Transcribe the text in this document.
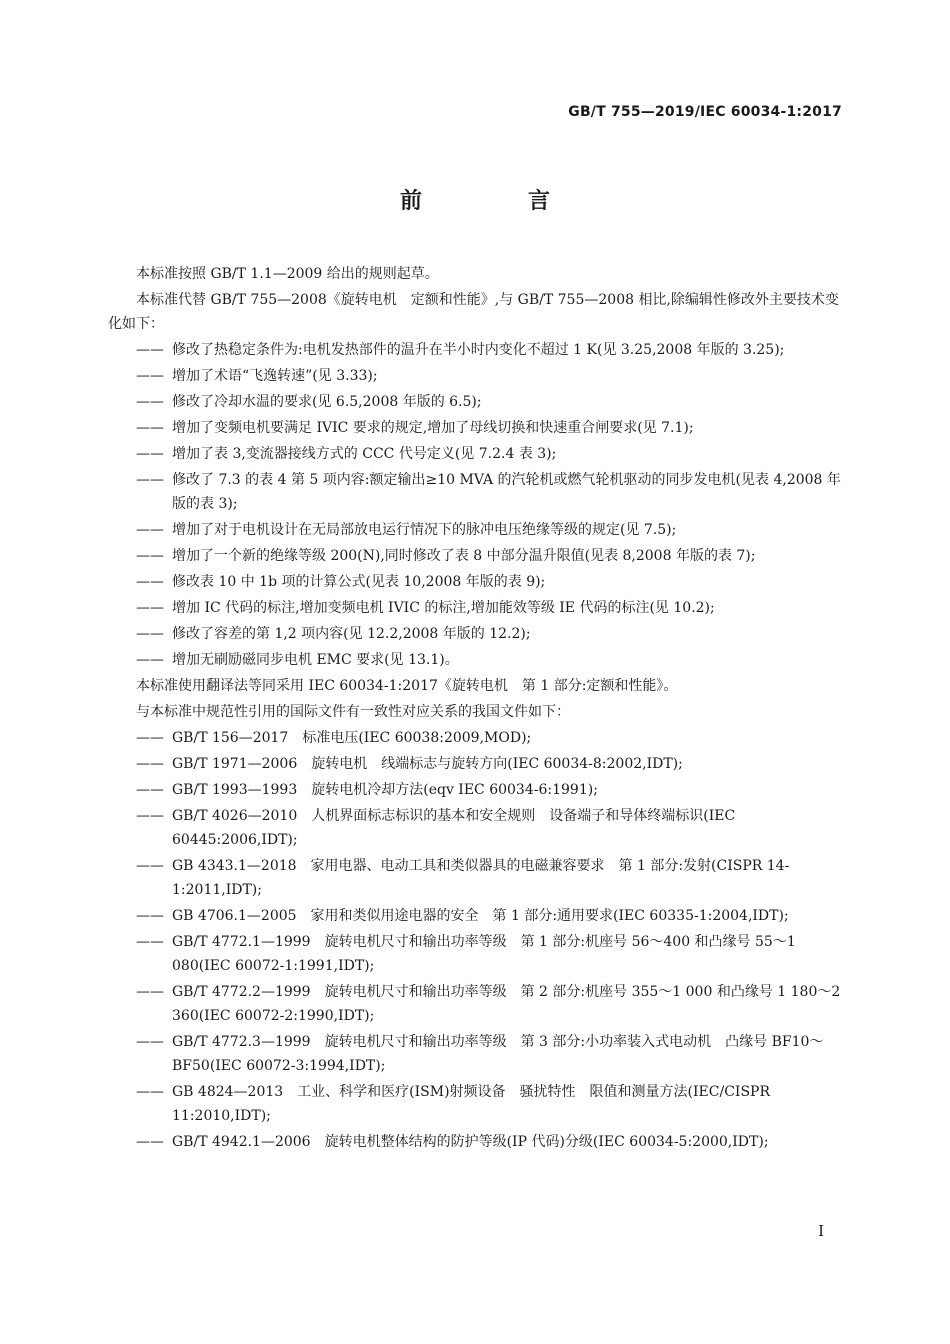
GB/T 755—2019/IEC 60034-1:2017
前　言

本标准按照 GB/T 1.1—2009 给出的规则起草。

本标准代替 GB/T 755—2008《旋转电机　定额和性能》,与 GB/T 755—2008 相比,除编辑性修改外主要技术变化如下：

—— 修改了热稳定条件为:电机发热部件的温升在半小时内变化不超过 1 K(见 3.25,2008 年版的 3.25);
—— 增加了术语“飞逸转速”(见 3.33);
—— 修改了冷却水温的要求(见 6.5,2008 年版的 6.5);
—— 增加了变频电机要满足 IVIC 要求的规定,增加了母线切换和快速重合闸要求(见 7.1);
—— 增加了表 3,变流器接线方式的 CCC 代号定义(见 7.2.4 表 3);
—— 修改了 7.3 的表 4 第 5 项内容:额定输出≥10 MVA 的汽轮机或燃气轮机驱动的同步发电机(见表 4,2008 年版的表 3);
—— 增加了对于电机设计在无局部放电运行情况下的脉冲电压绝缘等级的规定(见 7.5);
—— 增加了一个新的绝缘等级 200(N),同时修改了表 8 中部分温升限值(见表 8,2008 年版的表 7);
—— 修改表 10 中 1b 项的计算公式(见表 10,2008 年版的表 9);
—— 增加 IC 代码的标注,增加变频电机 IVIC 的标注,增加能效等级 IE 代码的标注(见 10.2);
—— 修改了容差的第 1,2 项内容(见 12.2,2008 年版的 12.2);
—— 增加无刷励磁同步电机 EMC 要求(见 13.1)。

本标准使用翻译法等同采用 IEC 60034-1:2017《旋转电机　第 1 部分:定额和性能》。

与本标准中规范性引用的国际文件有一致性对应关系的我国文件如下：

—— GB/T 156—2017　标准电压(IEC 60038:2009,MOD);
—— GB/T 1971—2006　旋转电机　线端标志与旋转方向(IEC 60034-8:2002,IDT);
—— GB/T 1993—1993　旋转电机冷却方法(eqv IEC 60034-6:1991);
—— GB/T 4026—2010　人机界面标志标识的基本和安全规则　设备端子和导体终端标识(IEC 60445:2006,IDT);
—— GB 4343.1—2018　家用电器、电动工具和类似器具的电磁兼容要求　第 1 部分:发射(CISPR 14-1:2011,IDT);
—— GB 4706.1—2005　家用和类似用途电器的安全　第 1 部分:通用要求(IEC 60335-1:2004,IDT);
—— GB/T 4772.1—1999　旋转电机尺寸和输出功率等级　第 1 部分:机座号 56～400 和凸缘号 55～1 080(IEC 60072-1:1991,IDT);
—— GB/T 4772.2—1999　旋转电机尺寸和输出功率等级　第 2 部分:机座号 355～1 000 和凸缘号 1 180～2 360(IEC 60072-2:1990,IDT);
—— GB/T 4772.3—1999　旋转电机尺寸和输出功率等级　第 3 部分:小功率装入式电动机　凸缘号 BF10～BF50(IEC 60072-3:1994,IDT);
—— GB 4824—2013　工业、科学和医疗(ISM)射频设备　骚扰特性　限值和测量方法(IEC/CISPR 11:2010,IDT);
—— GB/T 4942.1—2006　旋转电机整体结构的防护等级(IP 代码)分级(IEC 60034-5:2000,IDT);
I
